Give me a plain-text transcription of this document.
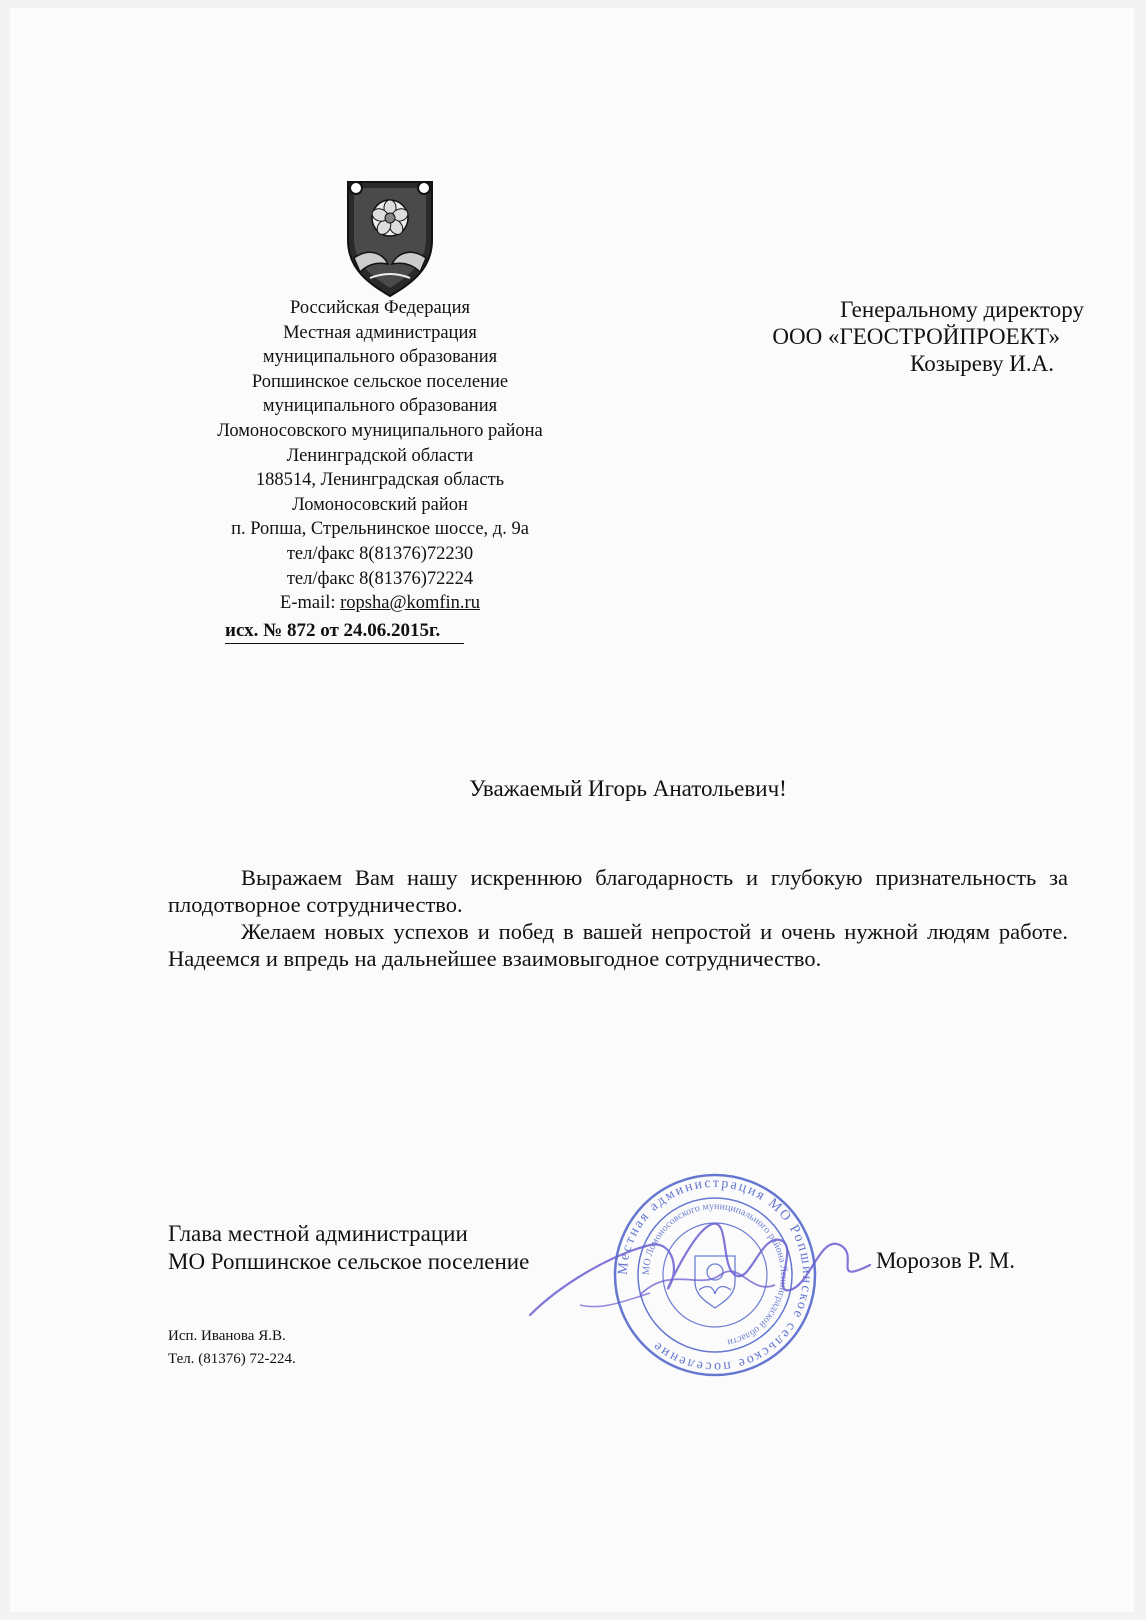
Российская Федерация
Местная администрация
муниципального образования
Ропшинское сельское поселение
муниципального образования
Ломоносовского муниципального района
Ленинградской области
188514, Ленинградская область
Ломоносовский район
п. Ропша, Стрельнинское шоссе, д. 9а
тел/факс 8(81376)72230
тел/факс 8(81376)72224
E-mail: ropsha@komfin.ru
исх. № 872 от 24.06.2015г.
Генеральному директору
ООО «ГЕОСТРОЙПРОЕКТ»
Козыреву И.А.
Уважаемый Игорь Анатольевич!

Выражаем Вам нашу искреннюю благодарность и глубокую признательность за плодотворное сотрудничество.

Желаем новых успехов и побед в вашей непростой и очень нужной людям работе. Надеемся и впредь на дальнейшее взаимовыгодное сотрудничество.

Местная администрация МО Ропшинское сельское поселение
МО Ломоносовского муниципального района Ленинградской области
Глава местной администрации
МО Ропшинское сельское поселение	Морозов Р. М.
Исп. Иванова Я.В.
Тел. (81376) 72-224.
